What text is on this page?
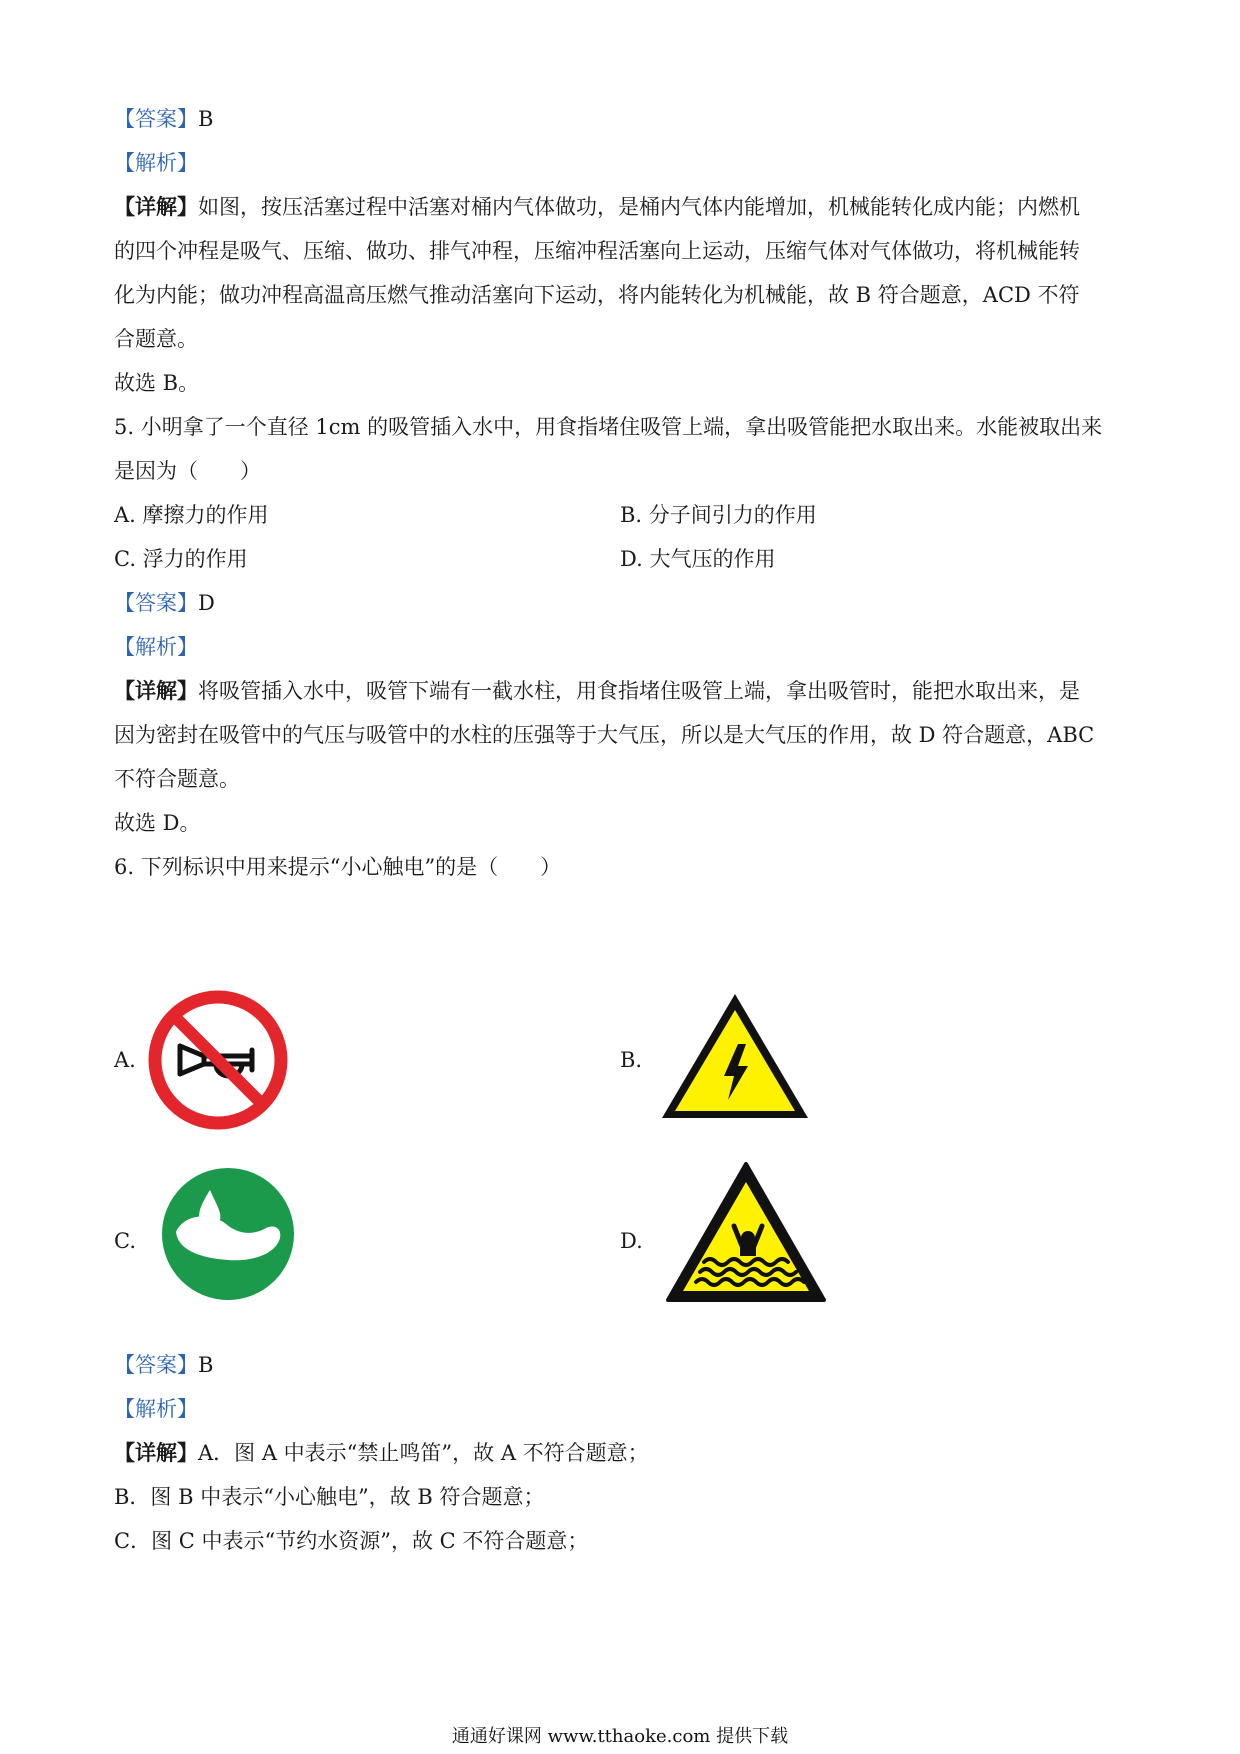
【答案】B
【解析】
【详解】如图，按压活塞过程中活塞对桶内气体做功，是桶内气体内能增加，机械能转化成内能；内燃机
的四个冲程是吸气、压缩、做功、排气冲程，压缩冲程活塞向上运动，压缩气体对气体做功，将机械能转
化为内能；做功冲程高温高压燃气推动活塞向下运动，将内能转化为机械能，故 B 符合题意，ACD 不符
合题意。
故选 B。
5. 小明拿了一个直径 1cm 的吸管插入水中，用食指堵住吸管上端，拿出吸管能把水取出来。水能被取出来
是因为（　　）
A. 摩擦力的作用	B. 分子间引力的作用
C. 浮力的作用	D. 大气压的作用
【答案】D
【解析】
【详解】将吸管插入水中，吸管下端有一截水柱，用食指堵住吸管上端，拿出吸管时，能把水取出来，是
因为密封在吸管中的气压与吸管中的水柱的压强等于大气压，所以是大气压的作用，故 D 符合题意，ABC
不符合题意。
故选 D。
6. 下列标识中用来提示“小心触电”的是（　　）
A.	B.
C.	D.
【答案】B
【解析】
【详解】A．图 A 中表示“禁止鸣笛”，故 A 不符合题意；
B．图 B 中表示“小心触电”，故 B 符合题意；
C．图 C 中表示“节约水资源”，故 C 不符合题意；
通通好课网 www.tthaoke.com 提供下载
